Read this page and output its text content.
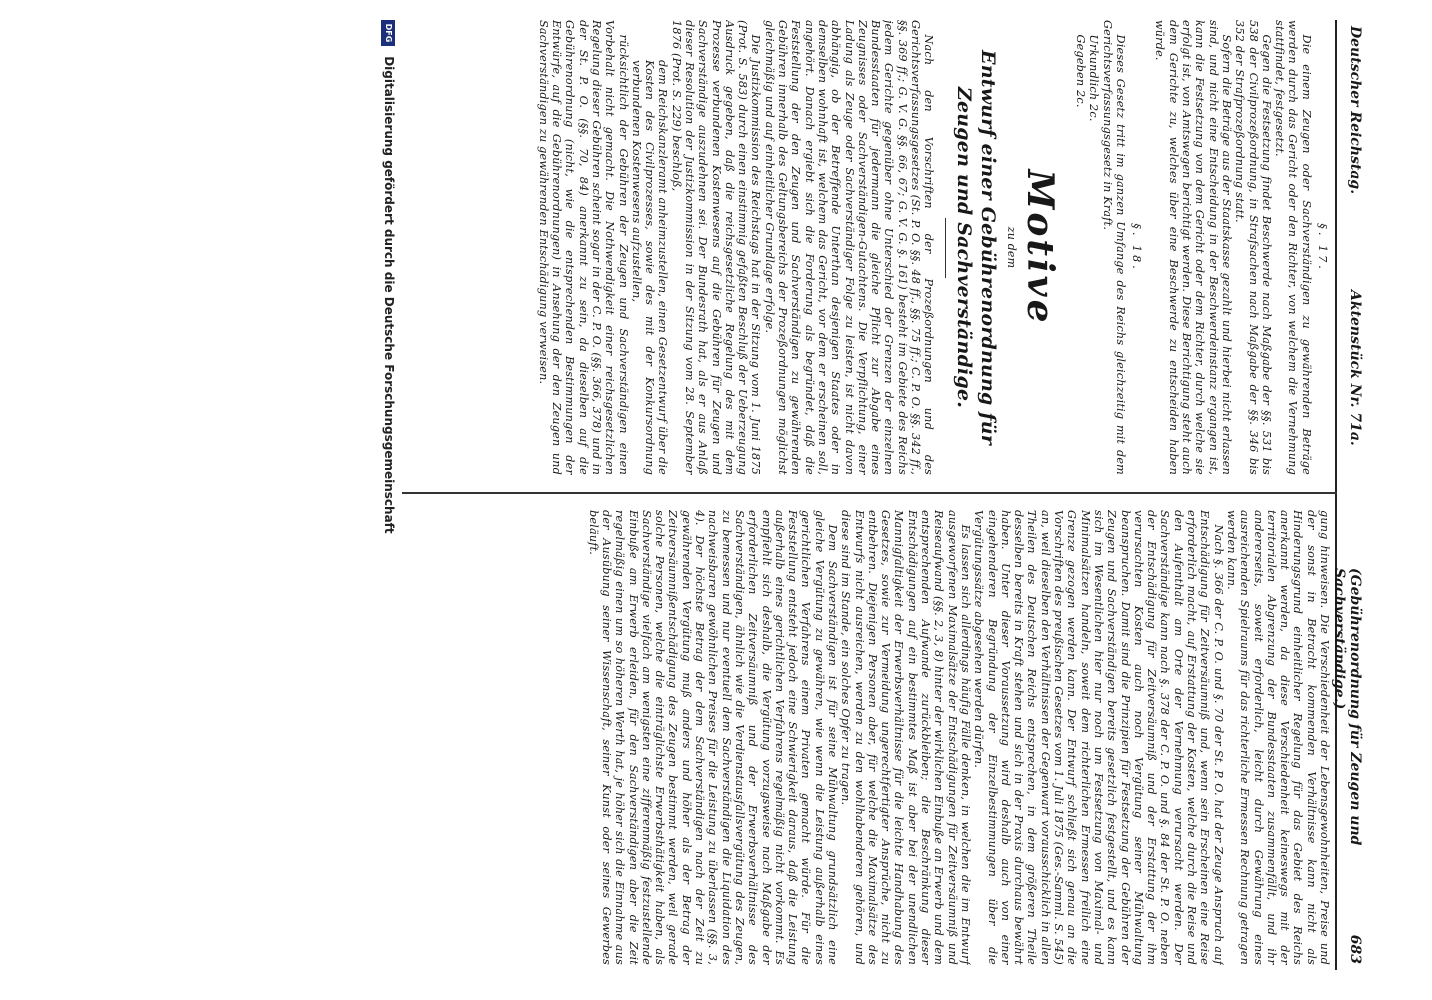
Deutscher Reichstag.
Aktenstück Nr. 71a.
(Gebührenordnung für Zeugen und Sachverständige.)
683
§. 17.

Die einem Zeugen oder Sachverständigen zu gewährenden Beträge werden durch das Gericht oder den Richter, von welchem die Vernehmung stattfindet, festgesetzt.

Gegen die Festsetzung findet Beschwerde nach Maßgabe der §§. 531 bis 538 der Civilprozeßordnung, in Strafsachen nach Maßgabe der §§. 346 bis 352 der Strafprozeßordnung statt.

Sofern die Beträge aus der Staatskasse gezahlt und hierbei nicht erlassen sind, und nicht eine Entscheidung in der Beschwerdeinstanz ergangen ist, kann die Festsetzung von dem Gericht oder dem Richter, durch welche sie erfolgt ist, von Amtswegen berichtigt werden. Diese Berichtigung steht auch dem Gerichte zu, welches über eine Beschwerde zu entscheiden haben würde.

§. 18.

Dieses Gesetz tritt im ganzen Umfange des Reichs gleichzeitig mit dem Gerichtsverfassungsgesetz in Kraft.

Urkundlich 2c.

Gegeben 2c.

Motive
zu dem
Entwurf einer Gebührenordnung für Zeugen und Sachverständige.

Nach den Vorschriften der Prozeßordnungen und des Gerichtsverfassungsgesetzes (St. P. O. §§. 48 ff., §§. 75 ff.; C. P. O. §§. 342 ff., §§. 369 ff.; G. V. G. §§. 66, 67; G. V. G. §. 161) besteht im Gebiete des Reichs jedem Gerichte gegenüber ohne Unterschied der Grenzen der einzelnen Bundesstaaten für jedermann die gleiche Pflicht zur Abgabe eines Zeugnisses oder Sachverständigen-Gutachtens. Die Verpflichtung, einer Ladung als Zeuge oder Sachverständiger Folge zu leisten, ist nicht davon abhängig, ob der Betreffende Unterthan desjenigen Staates oder in demselben wohnhaft ist, welchem das Gericht, vor dem er erscheinen soll, angehört. Danach ergiebt sich die Forderung als begründet, daß die Feststellung der den Zeugen und Sachverständigen zu gewährenden Gebühren innerhalb des Geltungsbereichs der Prozeßordnungen möglichst gleichmäßig und auf einheitlicher Grundlage erfolge.

Die Justizkommission des Reichstags hat in der Sitzung vom 1. Juni 1875 (Prot. S. 583) durch einen einstimmig gefaßten Beschluß der Ueberzeugung Ausdruck gegeben, daß die reichsgesetzliche Regelung des mit dem Prozesse verbundenen Kostenwesens auf die Gebühren für Zeugen und Sachverständige auszudehnen sei. Der Bundesrath hat, als er aus Anlaß dieser Resolution der Justizkommission in der Sitzung vom 28. September 1876 (Prot. S. 229) beschloß,

dem Reichskanzleramt anheimzustellen, einen Gesetzentwurf über die Kosten des Civilprozesses, sowie des mit der Konkursordnung verbundenen Kostenwesens aufzustellen,

rücksichtlich der Gebühren der Zeugen und Sachverständigen einen Vorbehalt nicht gemacht. Die Nothwendigkeit einer reichsgesetzlichen Regelung dieser Gebühren scheint sogar in der C. P. O. (§§. 366, 378) und in der St. P. O. (§§. 70, 84) anerkannt zu sein, da dieselben auf die Gebührenordnung (nicht, wie die entsprechenden Bestimmungen der Entwürfe, auf die Gebührenordnungen) in Ansehung der den Zeugen und Sachverständigen zu gewährenden Entschädigung verweisen.

gung hinweisen. Die Verschiedenheit der Lebensgewohnheiten, Preise und der sonst in Betracht kommenden Verhältnisse kann nicht als Hinderungsgrund einheitlicher Regelung für das Gebiet des Reichs anerkannt werden, da diese Verschiedenheit keineswegs mit der territorialen Abgrenzung der Bundesstaaten zusammenfällt, und ihr andererseits, soweit erforderlich, leicht durch Gewährung eines ausreichenden Spielraums für das richterliche Ermessen Rechnung getragen werden kann.

Nach §. 366 der C. P. O. und §. 70 der St. P. O. hat der Zeuge Anspruch auf Entschädigung für Zeitversäumniß und, wenn sein Erscheinen eine Reise erforderlich macht, auf Erstattung der Kosten, welche durch die Reise und den Aufenthalt am Orte der Vernehmung verursacht werden. Der Sachverständige kann nach §. 378 der C. P. O. und §. 84 der St. P. O. neben der Entschädigung für Zeitversäumniß und der Erstattung der ihm verursachten Kosten auch noch Vergütung seiner Mühwaltung beanspruchen. Damit sind die Prinzipien für Festsetzung der Gebühren der Zeugen und Sachverständigen bereits gesetzlich festgestellt, und es kann sich im Wesentlichen hier nur noch um Festsetzung von Maximal- und Minimalsätzen handeln, soweit dem richterlichen Ermessen freilich eine Grenze gezogen werden kann. Der Entwurf schließt sich genau an die Vorschriften des preußischen Gesetzes vom 1. Juli 1875 (Ges.-Samml. S. 545) an, weil dieselben den Verhältnissen der Gegenwart vorausschicklich in allen Theilen des Deutschen Reichs entsprechen, in dem größeren Theile desselben bereits in Kraft stehen und sich in der Praxis durchaus bewährt haben. Unter dieser Voraussetzung wird deshalb auch von einer eingehenderen Begründung der Einzelbestimmungen über die Vergütungssätze abgesehen werden dürfen.

Es lassen sich allerdings häufig Fälle denken, in welchen die im Entwurf ausgeworfenen Maximalsätze der Entschädigungen für Zeitversäumniß und Reiseaufwand (§§. 2, 3, 8) hinter der wirklichen Einbuße an Erwerb und dem entsprechenden Aufwande zurückbleiben; die Beschränkung dieser Entschädigungen auf ein bestimmtes Maß ist aber bei der unendlichen Mannigfaltigkeit der Erwerbsverhältnisse für die leichte Handhabung des Gesetzes, sowie zur Vermeidung ungerechtfertigter Ansprüche, nicht zu entbehren. Diejenigen Personen aber, für welche die Maximalsätze des Entwurfs nicht ausreichen, werden zu den wohlhabenderen gehören, und diese sind im Stande, ein solches Opfer zu tragen.

Dem Sachverständigen ist für seine Mühwaltung grundsätzlich eine gleiche Vergütung zu gewähren, wie wenn die Leistung außerhalb eines gerichtlichen Verfahrens einem Privaten gemacht würde. Für die Feststellung entsteht jedoch eine Schwierigkeit daraus, daß die Leistung außerhalb eines gerichtlichen Verfahrens regelmäßig nicht vorkommt. Es empfiehlt sich deshalb, die Vergütung vorzugsweise nach Maßgabe der erforderlichen Zeitversäumniß und der Erwerbsverhältnisse des Sachverständigen, ähnlich wie die Verdienstausfallsvergütung des Zeugen, zu bemessen und nur eventuell dem Sachverständigen die Liquidation des nachweisbaren gewöhnlichen Preises für die Leistung zu überlassen (§§. 3, 4). Der höchste Betrag der dem Sachverständigen nach der Zeit zu gewährenden Vergütung muß anders und höher als der Betrag der Zeitversäumnißentschädigung des Zeugen bestimmt werden, weil gerade solche Personen, welche die einträglichste Erwerbsthätigkeit haben, als Sachverständige vielfach am wenigsten eine zifferenmäßig festzustellende Einbuße am Erwerb erleiden, für den Sachverständigen aber die Zeit regelmäßig einen um so höheren Werth hat, je höher sich die Einnahme aus der Ausübung seiner Wissenschaft, seiner Kunst oder seines Gewerbes beläuft.

DFG Digitalisierung gefördert durch die Deutsche Forschungsgemeinschaft
